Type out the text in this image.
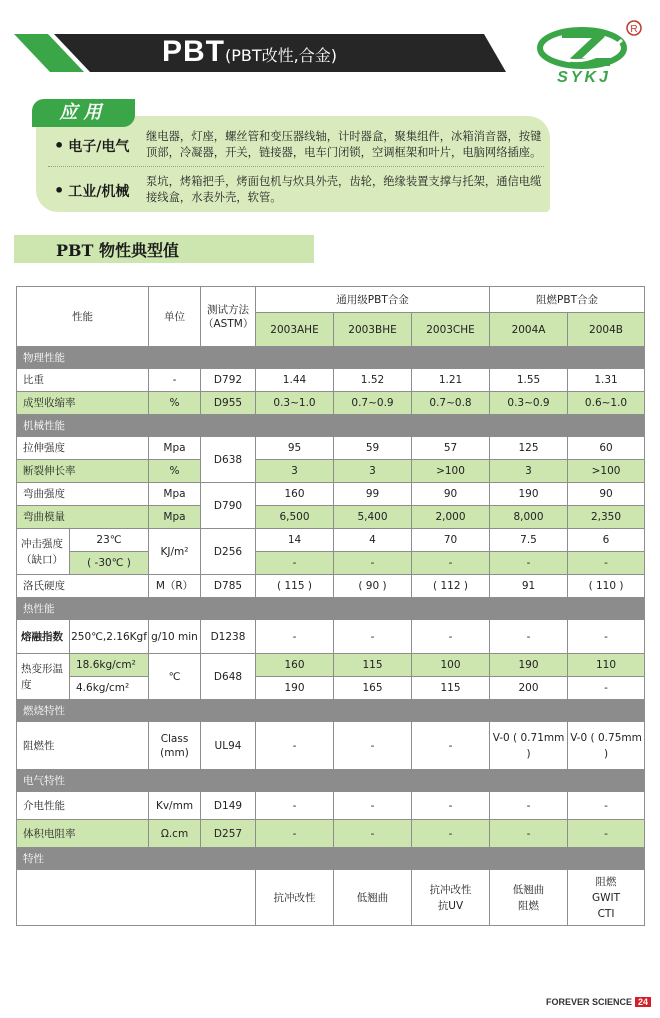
PBT(PBT改性,合金)
R
SYKJ
应用
• 电子/电气
继电器，灯座，螺丝管和变压器线轴，计时器盒，聚集组件，冰箱消音器，按键顶部，冷凝器，开关，链接器，电车门闭锁，空调框架和叶片，电脑网络插座。
• 工业/机械
泵坑，烤箱把手，烤面包机与炊具外壳，齿轮，绝缘装置支撑与托架，通信电缆接线盒，水表外壳，软管。
PBT 物性典型值
性能		单位	测试方法（ASTM）	通用级PBT合金			阻燃PBT合金	
				2003AHE	2003BHE	2003CHE	2004A	2004B
物理性能								
比重		-	D792	1.44	1.52	1.21	1.55	1.31
成型收缩率		%	D955	0.3~1.0	0.7~0.9	0.7~0.8	0.3~0.9	0.6~1.0
机械性能								
拉伸强度		Mpa	D638	95	59	57	125	60
断裂伸长率		%		3	3	>100	3	>100
弯曲强度		Mpa	D790	160	99	90	190	90
弯曲模量		Mpa		6,500	5,400	2,000	8,000	2,350
冲击强度（缺口）	23℃	KJ/m²	D256	14	4	70	7.5	6
	( -30℃ )			-	-	-	-	-
洛氏硬度		M（R）	D785	( 115 )	( 90 )	( 112 )	91	( 110 )
热性能								
熔融指数	250℃,2.16Kgf	g/10 min	D1238	-	-	-	-	-
热变形温度	18.6kg/cm²	℃	D648	160	115	100	190	110
	4.6kg/cm²			190	165	115	200	-
燃烧特性								
阻燃性		Class (mm)	UL94	-	-	-	V-0 ( 0.71mm )	V-0 ( 0.75mm )
电气特性								
介电性能		Kv/mm	D149	-	-	-	-	-
体积电阻率		Ω.cm	D257	-	-	-	-	-
特性								
				抗冲改性	低翘曲	抗冲改性 抗UV	低翘曲 阻燃	阻燃 GWIT CTI
FOREVER SCIENCE 24
